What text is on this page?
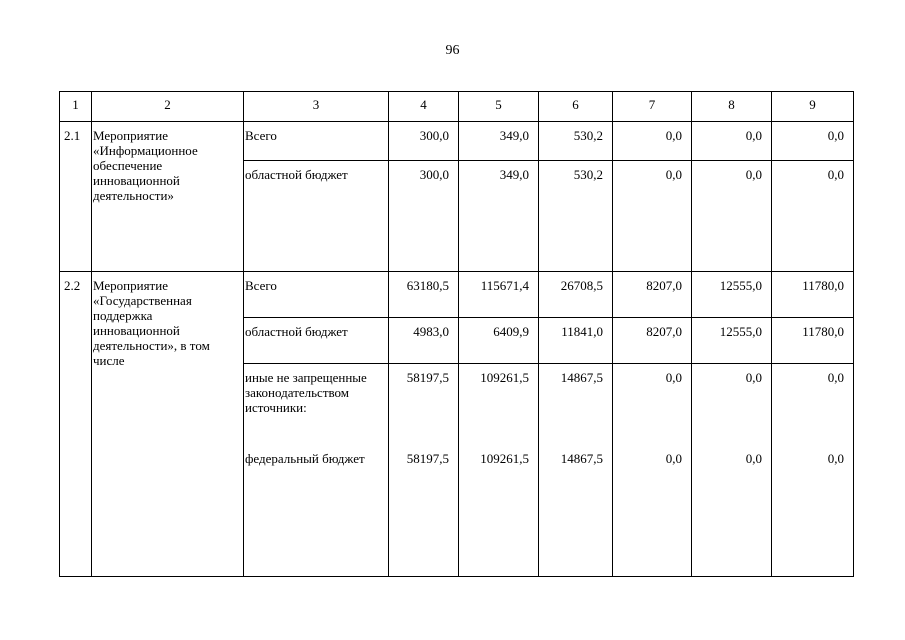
96
1	2	3	4	5	6	7	8	9
2.1	Мероприятие «Информационное обеспечение инновационной деятельности»	Всего	300,0	349,0	530,2	0,0	0,0	0,0
		областной бюджет	300,0	349,0	530,2	0,0	0,0	0,0
2.2	Мероприятие «Государственная поддержка инновационной деятельности», в том числе	Всего	63180,5	115671,4	26708,5	8207,0	12555,0	11780,0
		областной бюджет	4983,0	6409,9	11841,0	8207,0	12555,0	11780,0
		иные не запрещенные законодательством источники:	58197,5	109261,5	14867,5	0,0	0,0	0,0
		федеральный бюджет	58197,5	109261,5	14867,5	0,0	0,0	0,0
